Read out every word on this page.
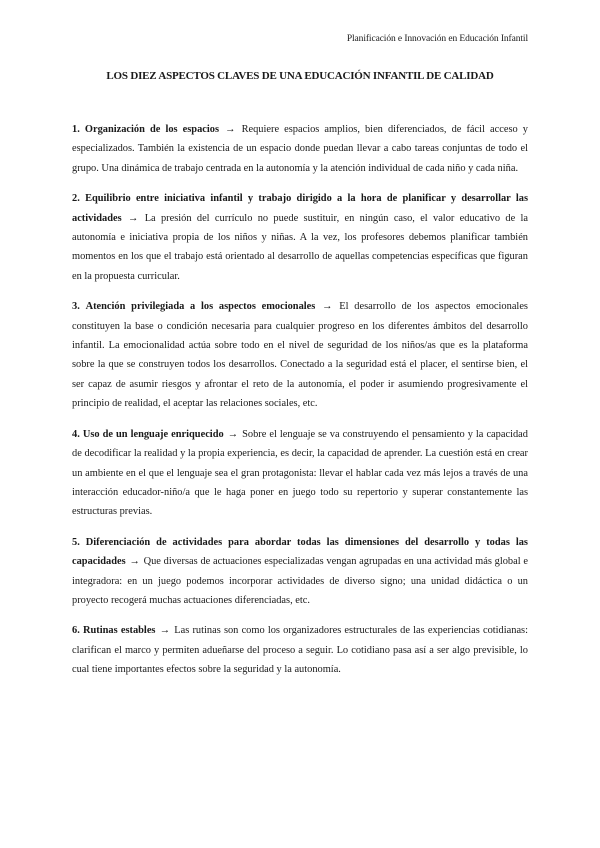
Planificación e Innovación en Educación Infantil
LOS DIEZ ASPECTOS CLAVES DE UNA EDUCACIÓN INFANTIL DE CALIDAD

1. Organización de los espacios → Requiere espacios amplios, bien diferenciados, de fácil acceso y especializados. También la existencia de un espacio donde puedan llevar a cabo tareas conjuntas de todo el grupo. Una dinámica de trabajo centrada en la autonomía y la atención individual de cada niño y cada niña.

2. Equilibrio entre iniciativa infantil y trabajo dirigido a la hora de planificar y desarrollar las actividades → La presión del currículo no puede sustituir, en ningún caso, el valor educativo de la autonomía e iniciativa propia de los niños y niñas. A la vez, los profesores debemos planificar también momentos en los que el trabajo está orientado al desarrollo de aquellas competencias específicas que figuran en la propuesta curricular.

3. Atención privilegiada a los aspectos emocionales → El desarrollo de los aspectos emocionales constituyen la base o condición necesaria para cualquier progreso en los diferentes ámbitos del desarrollo infantil. La emocionalidad actúa sobre todo en el nivel de seguridad de los niños/as que es la plataforma sobre la que se construyen todos los desarrollos. Conectado a la seguridad está el placer, el sentirse bien, el ser capaz de asumir riesgos y afrontar el reto de la autonomía, el poder ir asumiendo progresivamente el principio de realidad, el aceptar las relaciones sociales, etc.

4. Uso de un lenguaje enriquecido → Sobre el lenguaje se va construyendo el pensamiento y la capacidad de decodificar la realidad y la propia experiencia, es decir, la capacidad de aprender. La cuestión está en crear un ambiente en el que el lenguaje sea el gran protagonista: llevar el hablar cada vez más lejos a través de una interacción educador-niño/a que le haga poner en juego todo su repertorio y superar constantemente las estructuras previas.

5. Diferenciación de actividades para abordar todas las dimensiones del desarrollo y todas las capacidades → Que diversas de actuaciones especializadas vengan agrupadas en una actividad más global e integradora: en un juego podemos incorporar actividades de diverso signo; una unidad didáctica o un proyecto recogerá muchas actuaciones diferenciadas, etc.

6. Rutinas estables → Las rutinas son como los organizadores estructurales de las experiencias cotidianas: clarifican el marco y permiten adueñarse del proceso a seguir. Lo cotidiano pasa así a ser algo previsible, lo cual tiene importantes efectos sobre la seguridad y la autonomía.
